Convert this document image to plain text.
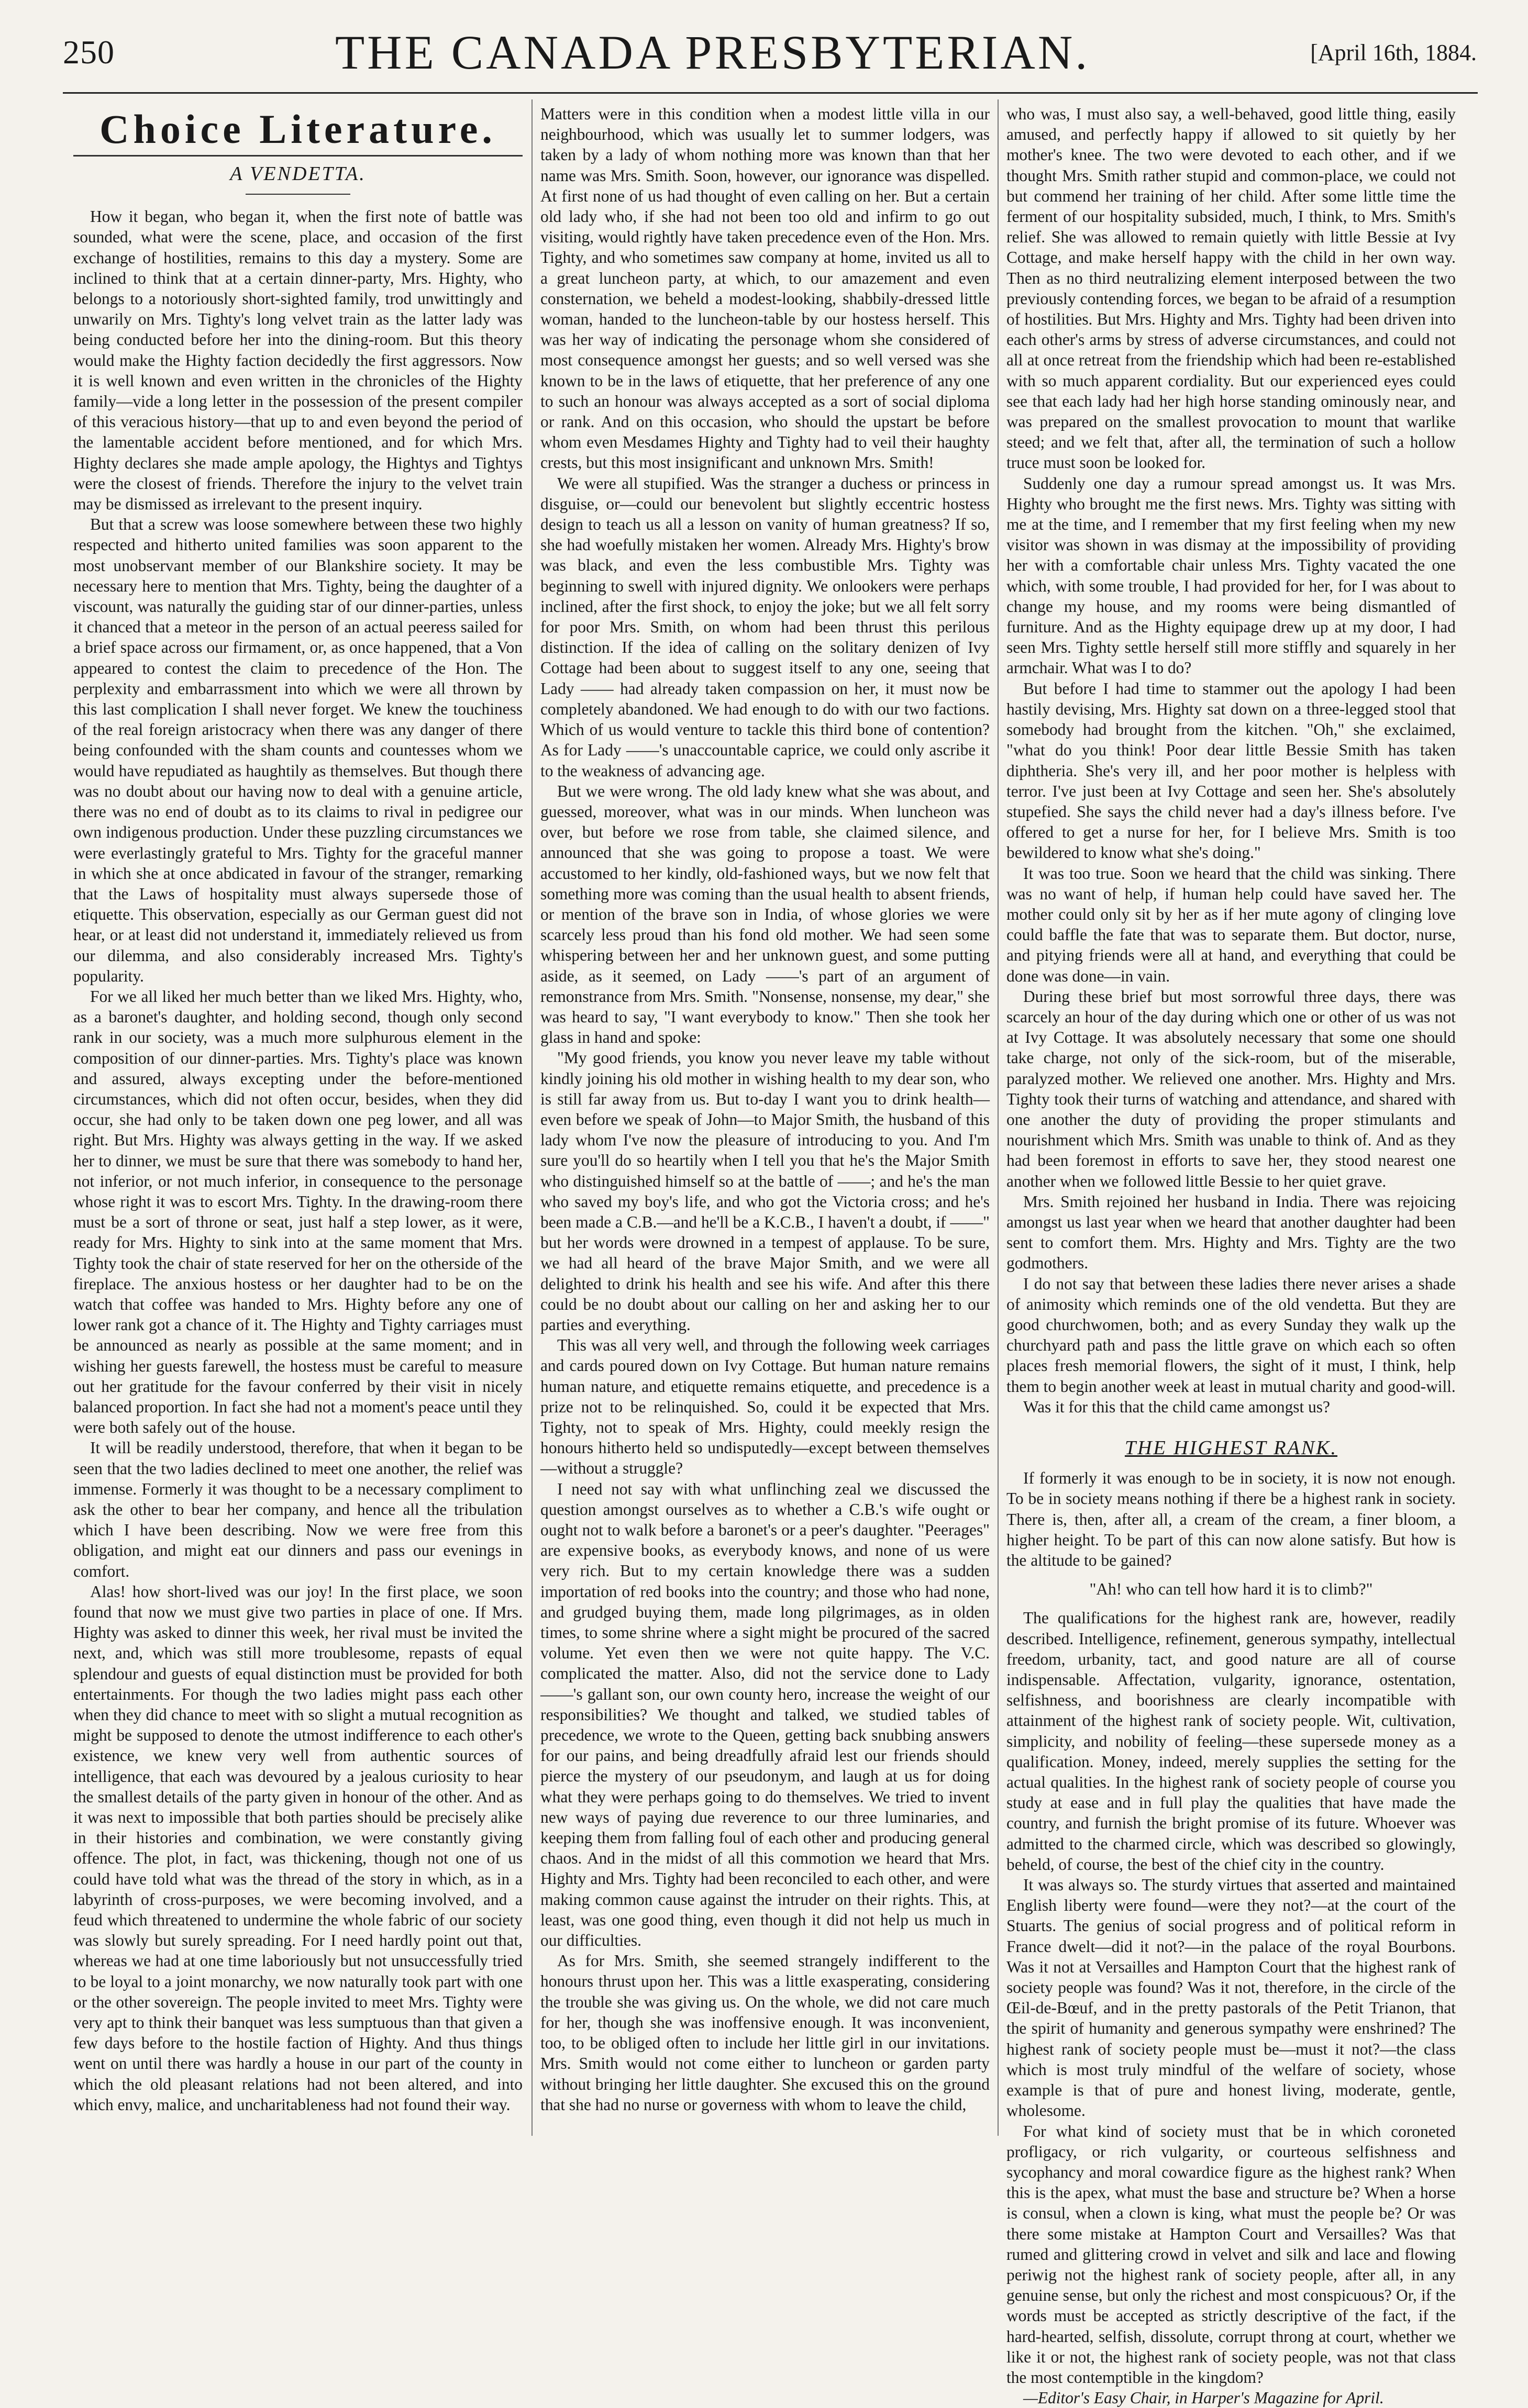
250	THE CANADA PRESBYTERIAN.	[April 16th, 1884.
Choice Literature.
A VENDETTA.

How it began, who began it, when the first note of battle was sounded, what were the scene, place, and occasion of the first exchange of hostilities, remains to this day a mystery. Some are inclined to think that at a certain dinner-party, Mrs. Highty, who belongs to a notoriously short-sighted family, trod unwittingly and unwarily on Mrs. Tighty's long velvet train as the latter lady was being conducted before her into the dining-room. But this theory would make the Highty faction decidedly the first aggressors. Now it is well known and even written in the chronicles of the Highty family—vide a long letter in the possession of the present compiler of this veracious history—that up to and even beyond the period of the lamentable accident before mentioned, and for which Mrs. Highty declares she made ample apology, the Hightys and Tightys were the closest of friends. Therefore the injury to the velvet train may be dismissed as irrelevant to the present inquiry.

But that a screw was loose somewhere between these two highly respected and hitherto united families was soon apparent to the most unobservant member of our Blankshire society. It may be necessary here to mention that Mrs. Tighty, being the daughter of a viscount, was naturally the guiding star of our dinner-parties, unless it chanced that a meteor in the person of an actual peeress sailed for a brief space across our firmament, or, as once happened, that a Von appeared to contest the claim to precedence of the Hon. The perplexity and embarrassment into which we were all thrown by this last complication I shall never forget. We knew the touchiness of the real foreign aristocracy when there was any danger of there being confounded with the sham counts and countesses whom we would have repudiated as haughtily as themselves. But though there was no doubt about our having now to deal with a genuine article, there was no end of doubt as to its claims to rival in pedigree our own indigenous production. Under these puzzling circumstances we were everlastingly grateful to Mrs. Tighty for the graceful manner in which she at once abdicated in favour of the stranger, remarking that the Laws of hospitality must always supersede those of etiquette. This observation, especially as our German guest did not hear, or at least did not understand it, immediately relieved us from our dilemma, and also considerably increased Mrs. Tighty's popularity.

For we all liked her much better than we liked Mrs. Highty, who, as a baronet's daughter, and holding second, though only second rank in our society, was a much more sulphurous element in the composition of our dinner-parties. Mrs. Tighty's place was known and assured, always excepting under the before-mentioned circumstances, which did not often occur, besides, when they did occur, she had only to be taken down one peg lower, and all was right. But Mrs. Highty was always getting in the way. If we asked her to dinner, we must be sure that there was somebody to hand her, not inferior, or not much inferior, in consequence to the personage whose right it was to escort Mrs. Tighty. In the drawing-room there must be a sort of throne or seat, just half a step lower, as it were, ready for Mrs. Highty to sink into at the same moment that Mrs. Tighty took the chair of state reserved for her on the otherside of the fireplace. The anxious hostess or her daughter had to be on the watch that coffee was handed to Mrs. Highty before any one of lower rank got a chance of it. The Highty and Tighty carriages must be announced as nearly as possible at the same moment; and in wishing her guests farewell, the hostess must be careful to measure out her gratitude for the favour conferred by their visit in nicely balanced proportion. In fact she had not a moment's peace until they were both safely out of the house.

It will be readily understood, therefore, that when it began to be seen that the two ladies declined to meet one another, the relief was immense. Formerly it was thought to be a necessary compliment to ask the other to bear her company, and hence all the tribulation which I have been describing. Now we were free from this obligation, and might eat our dinners and pass our evenings in comfort.

Alas! how short-lived was our joy! In the first place, we soon found that now we must give two parties in place of one. If Mrs. Highty was asked to dinner this week, her rival must be invited the next, and, which was still more troublesome, repasts of equal splendour and guests of equal distinction must be provided for both entertainments. For though the two ladies might pass each other when they did chance to meet with so slight a mutual recognition as might be supposed to denote the utmost indifference to each other's existence, we knew very well from authentic sources of intelligence, that each was devoured by a jealous curiosity to hear the smallest details of the party given in honour of the other. And as it was next to impossible that both parties should be precisely alike in their histories and combination, we were constantly giving offence. The plot, in fact, was thickening, though not one of us could have told what was the thread of the story in which, as in a labyrinth of cross-purposes, we were becoming involved, and a feud which threatened to undermine the whole fabric of our society was slowly but surely spreading. For I need hardly point out that, whereas we had at one time laboriously but not unsuccessfully tried to be loyal to a joint monarchy, we now naturally took part with one or the other sovereign. The people invited to meet Mrs. Tighty were very apt to think their banquet was less sumptuous than that given a few days before to the hostile faction of Highty. And thus things went on until there was hardly a house in our part of the county in which the old pleasant relations had not been altered, and into which envy, malice, and uncharitableness had not found their way.

Matters were in this condition when a modest little villa in our neighbourhood, which was usually let to summer lodgers, was taken by a lady of whom nothing more was known than that her name was Mrs. Smith. Soon, however, our ignorance was dispelled. At first none of us had thought of even calling on her. But a certain old lady who, if she had not been too old and infirm to go out visiting, would rightly have taken precedence even of the Hon. Mrs. Tighty, and who sometimes saw company at home, invited us all to a great luncheon party, at which, to our amazement and even consternation, we beheld a modest-looking, shabbily-dressed little woman, handed to the luncheon-table by our hostess herself. This was her way of indicating the personage whom she considered of most consequence amongst her guests; and so well versed was she known to be in the laws of etiquette, that her preference of any one to such an honour was always accepted as a sort of social diploma or rank. And on this occasion, who should the upstart be before whom even Mesdames Highty and Tighty had to veil their haughty crests, but this most insignificant and unknown Mrs. Smith!

We were all stupified. Was the stranger a duchess or princess in disguise, or—could our benevolent but slightly eccentric hostess design to teach us all a lesson on vanity of human greatness? If so, she had woefully mistaken her women. Already Mrs. Highty's brow was black, and even the less combustible Mrs. Tighty was beginning to swell with injured dignity. We onlookers were perhaps inclined, after the first shock, to enjoy the joke; but we all felt sorry for poor Mrs. Smith, on whom had been thrust this perilous distinction. If the idea of calling on the solitary denizen of Ivy Cottage had been about to suggest itself to any one, seeing that Lady —— had already taken compassion on her, it must now be completely abandoned. We had enough to do with our two factions. Which of us would venture to tackle this third bone of contention? As for Lady ——'s unaccountable caprice, we could only ascribe it to the weakness of advancing age.

But we were wrong. The old lady knew what she was about, and guessed, moreover, what was in our minds. When luncheon was over, but before we rose from table, she claimed silence, and announced that she was going to propose a toast. We were accustomed to her kindly, old-fashioned ways, but we now felt that something more was coming than the usual health to absent friends, or mention of the brave son in India, of whose glories we were scarcely less proud than his fond old mother. We had seen some whispering between her and her unknown guest, and some putting aside, as it seemed, on Lady ——'s part of an argument of remonstrance from Mrs. Smith. "Nonsense, nonsense, my dear," she was heard to say, "I want everybody to know." Then she took her glass in hand and spoke:

"My good friends, you know you never leave my table without kindly joining his old mother in wishing health to my dear son, who is still far away from us. But to-day I want you to drink health—even before we speak of John—to Major Smith, the husband of this lady whom I've now the pleasure of introducing to you. And I'm sure you'll do so heartily when I tell you that he's the Major Smith who distinguished himself so at the battle of ——; and he's the man who saved my boy's life, and who got the Victoria cross; and he's been made a C.B.—and he'll be a K.C.B., I haven't a doubt, if ——" but her words were drowned in a tempest of applause. To be sure, we had all heard of the brave Major Smith, and we were all delighted to drink his health and see his wife. And after this there could be no doubt about our calling on her and asking her to our parties and everything.

This was all very well, and through the following week carriages and cards poured down on Ivy Cottage. But human nature remains human nature, and etiquette remains etiquette, and precedence is a prize not to be relinquished. So, could it be expected that Mrs. Tighty, not to speak of Mrs. Highty, could meekly resign the honours hitherto held so undisputedly—except between themselves—without a struggle?

I need not say with what unflinching zeal we discussed the question amongst ourselves as to whether a C.B.'s wife ought or ought not to walk before a baronet's or a peer's daughter. "Peerages" are expensive books, as everybody knows, and none of us were very rich. But to my certain knowledge there was a sudden importation of red books into the country; and those who had none, and grudged buying them, made long pilgrimages, as in olden times, to some shrine where a sight might be procured of the sacred volume. Yet even then we were not quite happy. The V.C. complicated the matter. Also, did not the service done to Lady ——'s gallant son, our own county hero, increase the weight of our responsibilities? We thought and talked, we studied tables of precedence, we wrote to the Queen, getting back snubbing answers for our pains, and being dreadfully afraid lest our friends should pierce the mystery of our pseudonym, and laugh at us for doing what they were perhaps going to do themselves. We tried to invent new ways of paying due reverence to our three luminaries, and keeping them from falling foul of each other and producing general chaos. And in the midst of all this commotion we heard that Mrs. Highty and Mrs. Tighty had been reconciled to each other, and were making common cause against the intruder on their rights. This, at least, was one good thing, even though it did not help us much in our difficulties.

As for Mrs. Smith, she seemed strangely indifferent to the honours thrust upon her. This was a little exasperating, considering the trouble she was giving us. On the whole, we did not care much for her, though she was inoffensive enough. It was inconvenient, too, to be obliged often to include her little girl in our invitations. Mrs. Smith would not come either to luncheon or garden party without bringing her little daughter. She excused this on the ground that she had no nurse or governess with whom to leave the child,

who was, I must also say, a well-behaved, good little thing, easily amused, and perfectly happy if allowed to sit quietly by her mother's knee. The two were devoted to each other, and if we thought Mrs. Smith rather stupid and common-place, we could not but commend her training of her child. After some little time the ferment of our hospitality subsided, much, I think, to Mrs. Smith's relief. She was allowed to remain quietly with little Bessie at Ivy Cottage, and make herself happy with the child in her own way. Then as no third neutralizing element interposed between the two previously contending forces, we began to be afraid of a resumption of hostilities. But Mrs. Highty and Mrs. Tighty had been driven into each other's arms by stress of adverse circumstances, and could not all at once retreat from the friendship which had been re-established with so much apparent cordiality. But our experienced eyes could see that each lady had her high horse standing ominously near, and was prepared on the smallest provocation to mount that warlike steed; and we felt that, after all, the termination of such a hollow truce must soon be looked for.

Suddenly one day a rumour spread amongst us. It was Mrs. Highty who brought me the first news. Mrs. Tighty was sitting with me at the time, and I remember that my first feeling when my new visitor was shown in was dismay at the impossibility of providing her with a comfortable chair unless Mrs. Tighty vacated the one which, with some trouble, I had provided for her, for I was about to change my house, and my rooms were being dismantled of furniture. And as the Highty equipage drew up at my door, I had seen Mrs. Tighty settle herself still more stiffly and squarely in her armchair. What was I to do?

But before I had time to stammer out the apology I had been hastily devising, Mrs. Highty sat down on a three-legged stool that somebody had brought from the kitchen. "Oh," she exclaimed, "what do you think! Poor dear little Bessie Smith has taken diphtheria. She's very ill, and her poor mother is helpless with terror. I've just been at Ivy Cottage and seen her. She's absolutely stupefied. She says the child never had a day's illness before. I've offered to get a nurse for her, for I believe Mrs. Smith is too bewildered to know what she's doing."

It was too true. Soon we heard that the child was sinking. There was no want of help, if human help could have saved her. The mother could only sit by her as if her mute agony of clinging love could baffle the fate that was to separate them. But doctor, nurse, and pitying friends were all at hand, and everything that could be done was done—in vain.

During these brief but most sorrowful three days, there was scarcely an hour of the day during which one or other of us was not at Ivy Cottage. It was absolutely necessary that some one should take charge, not only of the sick-room, but of the miserable, paralyzed mother. We relieved one another. Mrs. Highty and Mrs. Tighty took their turns of watching and attendance, and shared with one another the duty of providing the proper stimulants and nourishment which Mrs. Smith was unable to think of. And as they had been foremost in efforts to save her, they stood nearest one another when we followed little Bessie to her quiet grave.

Mrs. Smith rejoined her husband in India. There was rejoicing amongst us last year when we heard that another daughter had been sent to comfort them. Mrs. Highty and Mrs. Tighty are the two godmothers.

I do not say that between these ladies there never arises a shade of animosity which reminds one of the old vendetta. But they are good churchwomen, both; and as every Sunday they walk up the churchyard path and pass the little grave on which each so often places fresh memorial flowers, the sight of it must, I think, help them to begin another week at least in mutual charity and good-will.

Was it for this that the child came amongst us?

THE HIGHEST RANK.

If formerly it was enough to be in society, it is now not enough. To be in society means nothing if there be a highest rank in society. There is, then, after all, a cream of the cream, a finer bloom, a higher height. To be part of this can now alone satisfy. But how is the altitude to be gained?

"Ah! who can tell how hard it is to climb?"

The qualifications for the highest rank are, however, readily described. Intelligence, refinement, generous sympathy, intellectual freedom, urbanity, tact, and good nature are all of course indispensable. Affectation, vulgarity, ignorance, ostentation, selfishness, and boorishness are clearly incompatible with attainment of the highest rank of society people. Wit, cultivation, simplicity, and nobility of feeling—these supersede money as a qualification. Money, indeed, merely supplies the setting for the actual qualities. In the highest rank of society people of course you study at ease and in full play the qualities that have made the country, and furnish the bright promise of its future. Whoever was admitted to the charmed circle, which was described so glowingly, beheld, of course, the best of the chief city in the country.

It was always so. The sturdy virtues that asserted and maintained English liberty were found—were they not?—at the court of the Stuarts. The genius of social progress and of political reform in France dwelt—did it not?—in the palace of the royal Bourbons. Was it not at Versailles and Hampton Court that the highest rank of society people was found? Was it not, therefore, in the circle of the Œil-de-Bœuf, and in the pretty pastorals of the Petit Trianon, that the spirit of humanity and generous sympathy were enshrined? The highest rank of society people must be—must it not?—the class which is most truly mindful of the welfare of society, whose example is that of pure and honest living, moderate, gentle, wholesome.

For what kind of society must that be in which coroneted profligacy, or rich vulgarity, or courteous selfishness and sycophancy and moral cowardice figure as the highest rank? When this is the apex, what must the base and structure be? When a horse is consul, when a clown is king, what must the people be? Or was there some mistake at Hampton Court and Versailles? Was that rumed and glittering crowd in velvet and silk and lace and flowing periwig not the highest rank of society people, after all, in any genuine sense, but only the richest and most conspicuous? Or, if the words must be accepted as strictly descriptive of the fact, if the hard-hearted, selfish, dissolute, corrupt throng at court, whether we like it or not, the highest rank of society people, was not that class the most contemptible in the kingdom?

—Editor's Easy Chair, in Harper's Magazine for April.
